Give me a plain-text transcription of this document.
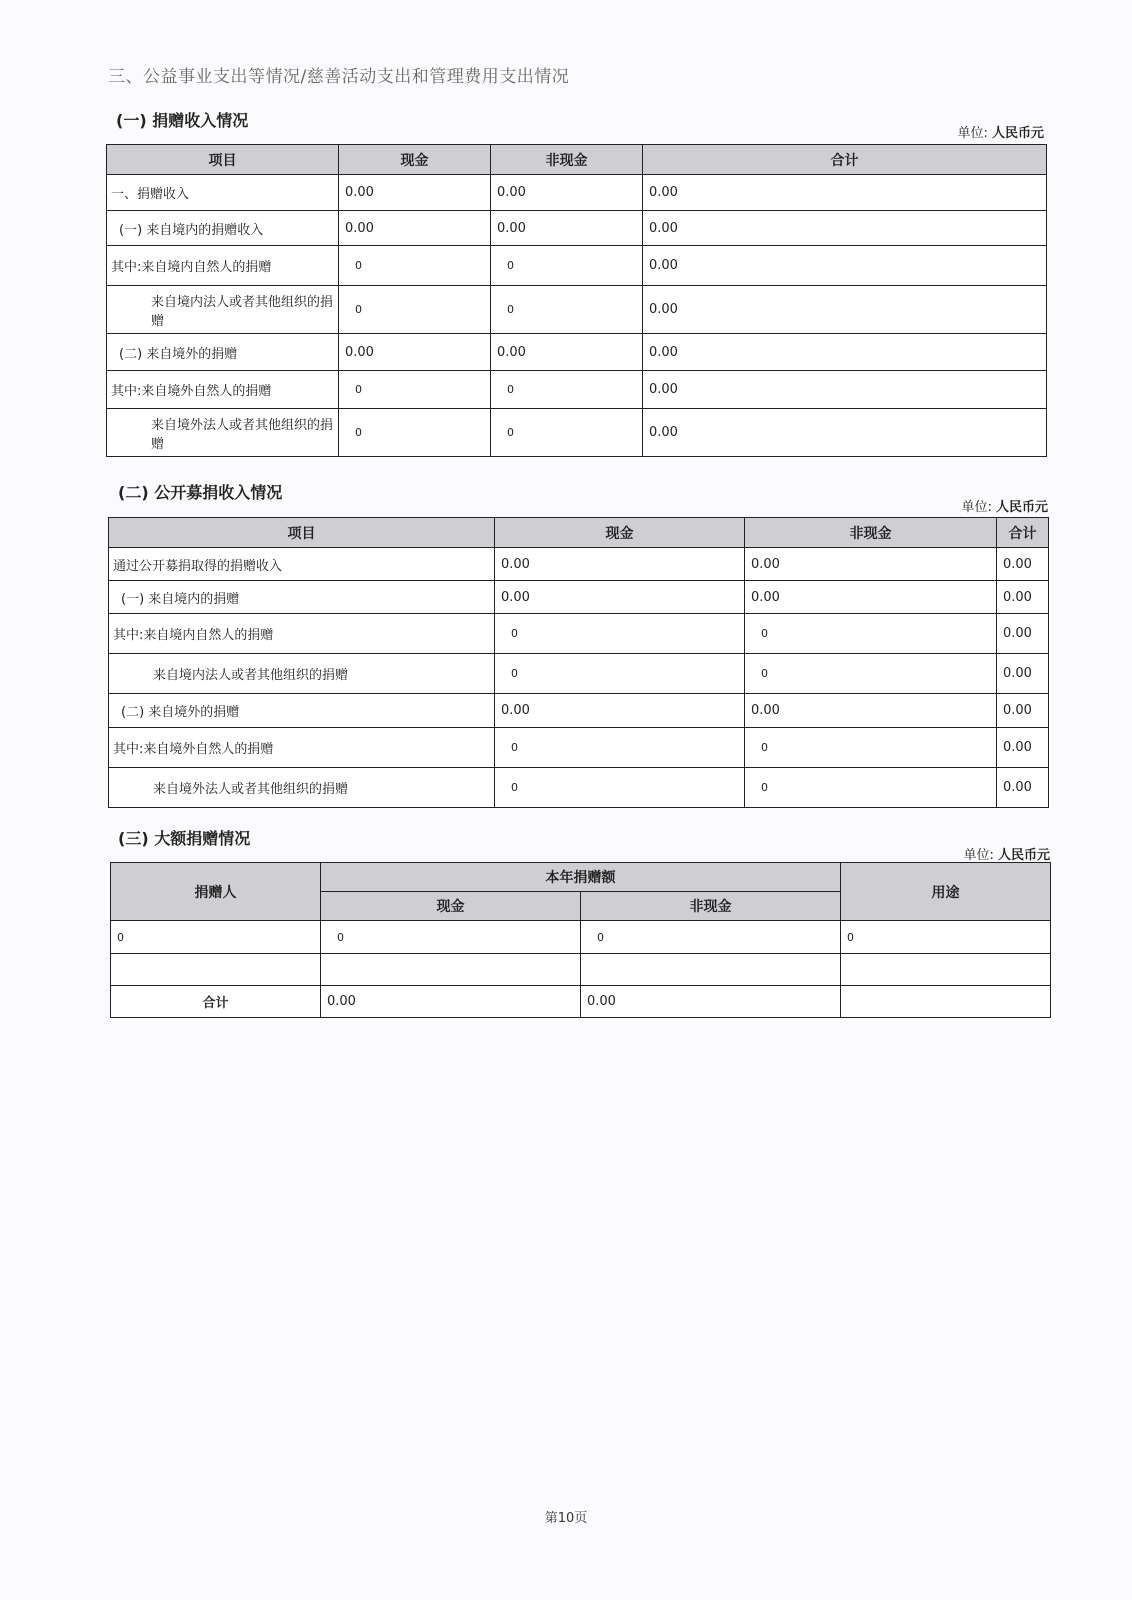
三、公益事业支出等情况/慈善活动支出和管理费用支出情况
(一) 捐赠收入情况
单位: 人民币元
项目	现金	非现金	合计
一、捐赠收入	0.00	0.00	0.00
(一) 来自境内的捐赠收入	0.00	0.00	0.00
其中:来自境内自然人的捐赠	0	0	0.00
来自境内法人或者其他组织的捐赠	0	0	0.00
(二) 来自境外的捐赠	0.00	0.00	0.00
其中:来自境外自然人的捐赠	0	0	0.00
来自境外法人或者其他组织的捐赠	0	0	0.00
(二) 公开募捐收入情况
单位: 人民币元
项目	现金	非现金	合计
通过公开募捐取得的捐赠收入	0.00	0.00	0.00
(一) 来自境内的捐赠	0.00	0.00	0.00
其中:来自境内自然人的捐赠	0	0	0.00
来自境内法人或者其他组织的捐赠	0	0	0.00
(二) 来自境外的捐赠	0.00	0.00	0.00
其中:来自境外自然人的捐赠	0	0	0.00
来自境外法人或者其他组织的捐赠	0	0	0.00
(三) 大额捐赠情况
单位: 人民币元
捐赠人	本年捐赠额		用途
	现金	非现金	
0	0	0	0

合计	0.00	0.00	
第10页
